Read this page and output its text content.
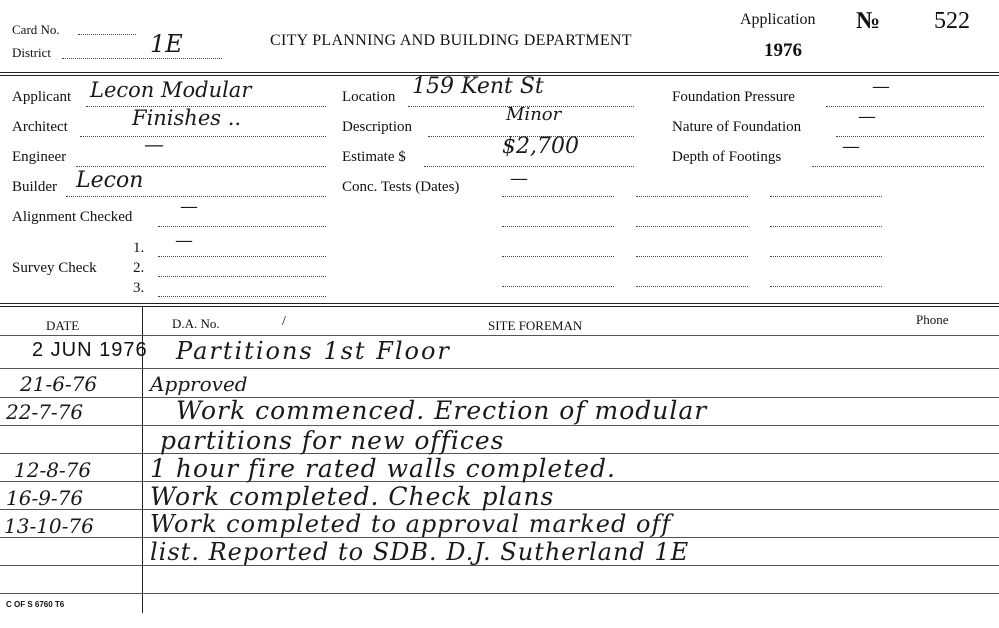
Card No.
District	1E	CITY PLANNING AND BUILDING DEPARTMENT
Application
1976
№ 522
Applicant Lecon Modular
Architect	Finishes ..
Engineer
—
Builder Lecon
Alignment Checked	—
1. —
Survey Check 2.
3.
Location 159 Kent St
Description
Minor
Estimate $	$2,700
Conc. Tests (Dates)	—
Foundation Pressure	—
Nature of Foundation	—
Depth of Footings	—
DATE	D.A. No.	/	SITE FOREMAN	Phone
2 JUN 1976 Partitions 1st Floor
21-6-76	Approved
22-7-76	Work commenced. Erection of modular
partitions for new offices
12-8-76 1 hour fire rated walls completed.
16-9-76	Work completed. Check plans
13-10-76 Work completed to approval marked off
list. Reported to SDB. D.J. Sutherland 1E
C OF S 6760 T6
